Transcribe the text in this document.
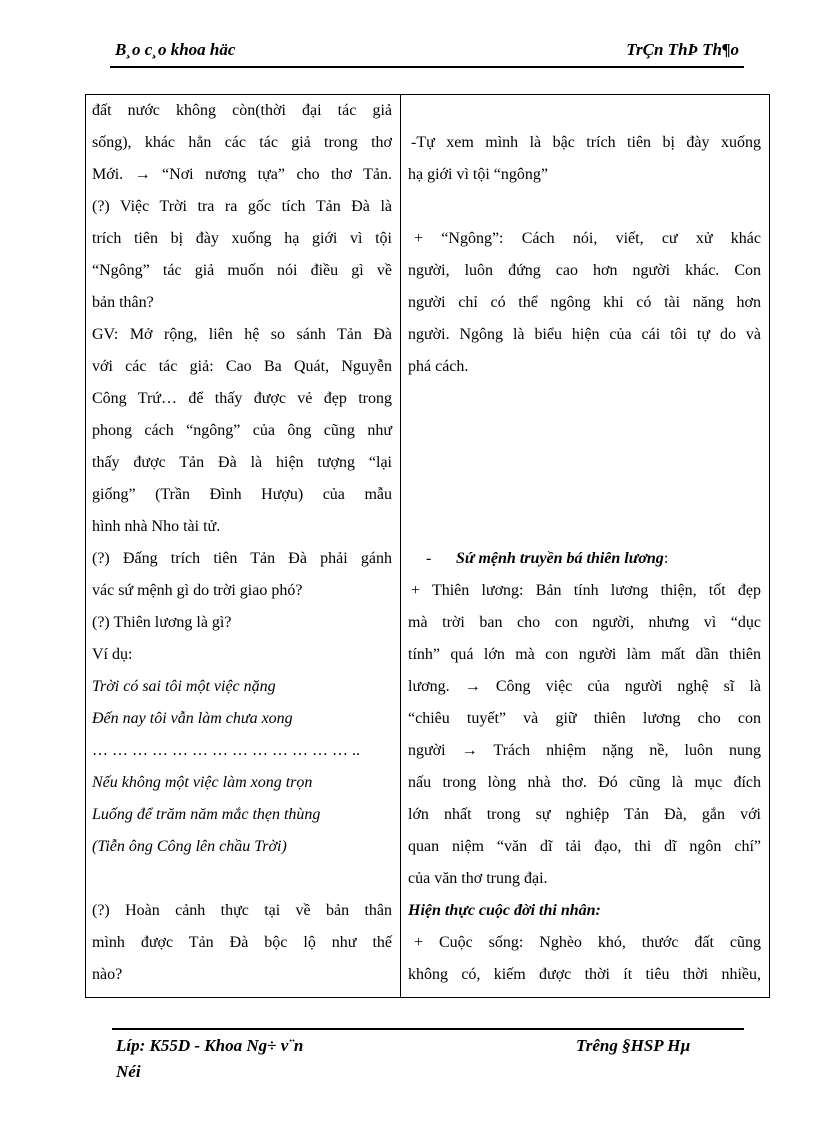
B¸o c¸o khoa häc	TrÇn ThÞ Th¶o
đất nước không còn(thời đại tác giả
sống), khác hẳn các tác giả trong thơ
Mới. → “Nơi nương tựa” cho thơ Tản.
(?) Việc Trời tra ra gốc tích Tản Đà là
trích tiên bị đày xuống hạ giới vì tội
“Ngông” tác giả muốn nói điều gì về
bản thân?
GV: Mở rộng, liên hệ so sánh Tản Đà
với các tác giả: Cao Ba Quát, Nguyễn
Công Trứ… để thấy được vẻ đẹp trong
phong cách “ngông” của ông cũng như
thấy được Tản Đà là hiện tượng “lại
giống” (Trần Đình Hượu) của mẫu
hình nhà Nho tài tử.
(?) Đấng trích tiên Tản Đà phải gánh
vác sứ mệnh gì do trời giao phó?
(?) Thiên lương là gì?
Ví dụ:
Trời có sai tôi một việc nặng
Đến nay tôi vẫn làm chưa xong
… … … … … … … … … … … … … ..
Nếu không một việc làm xong trọn
Luống để trăm năm mắc thẹn thùng
(Tiễn ông Công lên chầu Trời)
(?) Hoàn cảnh thực tại về bản thân
mình được Tản Đà bộc lộ như thế
nào?
-Tự xem mình là bậc trích tiên bị đày xuống
hạ giới vì tội “ngông”
+ “Ngông”: Cách nói, viết, cư xử khác
người, luôn đứng cao hơn người khác. Con
người chỉ có thể ngông khi có tài năng hơn
người. Ngông là biểu hiện của cái tôi tự do và
phá cách.
- Sứ mệnh truyền bá thiên lương:
+ Thiên lương: Bản tính lương thiện, tốt đẹp
mà trời ban cho con người, nhưng vì “dục
tính” quá lớn mà con người làm mất dần thiên
lương. → Công việc của người nghệ sĩ là
“chiêu tuyết” và giữ thiên lương cho con
người → Trách nhiệm nặng nề, luôn nung
nấu trong lòng nhà thơ. Đó cũng là mục đích
lớn nhất trong sự nghiệp Tản Đà, gắn với
quan niệm “văn dĩ tải đạo, thi dĩ ngôn chí”
của văn thơ trung đại.
Hiện thực cuộc đời thi nhân:
+ Cuộc sống: Nghèo khó, thước đất cũng
không có, kiếm được thời ít tiêu thời nhiều,
Líp: K55D - Khoa Ng÷ v¨n	Trêng §HSP Hµ
Néi
